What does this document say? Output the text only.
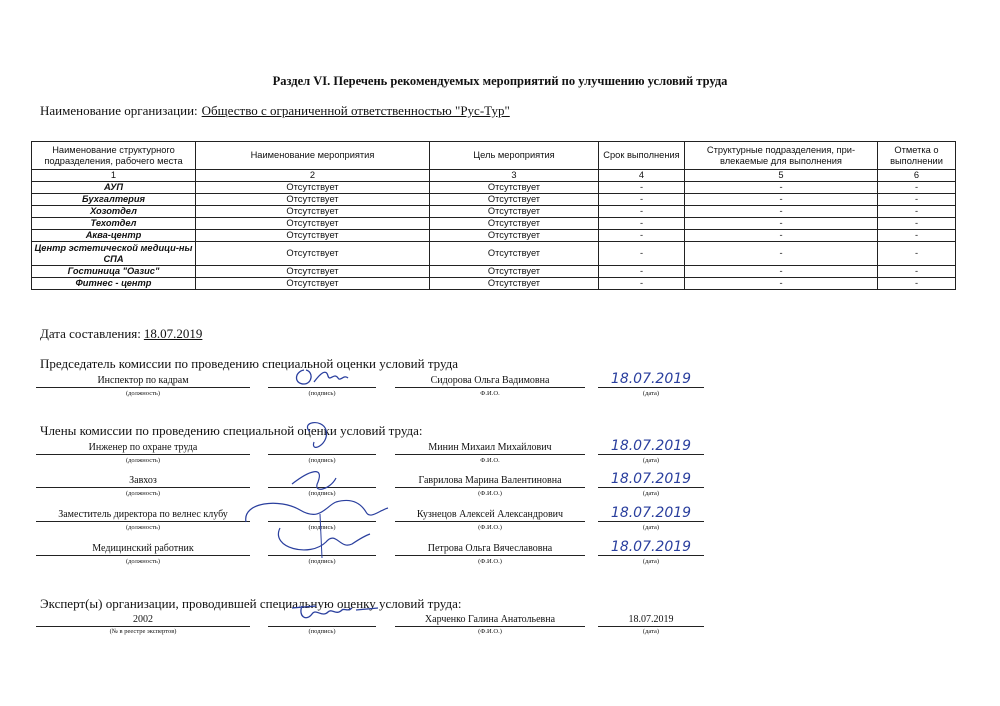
Раздел VI. Перечень рекомендуемых мероприятий по улучшению условий труда
Наименование организации: Общество с ограниченной ответственностью "Рус-Тур"
Наименование структурного подразделения, рабочего места	Наименование мероприятия	Цель мероприятия	Срок выполнения	Структурные подразделения, при-влекаемые для выполнения	Отметка о выполнении
1	2	3	4	5	6
АУП	Отсутствует	Отсутствует	-	-	-
Бухгалтерия	Отсутствует	Отсутствует	-	-	-
Хозотдел	Отсутствует	Отсутствует	-	-	-
Техотдел	Отсутствует	Отсутствует	-	-	-
Аква-центр	Отсутствует	Отсутствует	-	-	-
Центр эстетической медици-ны СПА	Отсутствует	Отсутствует	-	-	-
Гостиница "Оазис"	Отсутствует	Отсутствует	-	-	-
Фитнес - центр	Отсутствует	Отсутствует	-	-	-
Дата составления: 18.07.2019
Председатель комиссии по проведению специальной оценки условий труда
Инспектор по кадрам
(должность)	(подпись)
Сидорова Ольга Вадимовна
Ф.И.О.
18.07.2019
(дата)
Члены комиссии по проведению специальной оценки условий труда:
Инженер по охране труда
(должность)	(подпись)
Минин Михаил Михайлович
Ф.И.О.
18.07.2019
(дата)
Завхоз
(должность)	(подпись)
Гаврилова Марина Валентиновна
(Ф.И.О.)
18.07.2019
(дата)
Заместитель директора по велнес клубу
(должность)	(подпись)
Кузнецов Алексей Александрович
(Ф.И.О.)
18.07.2019
(дата)
Медицинский работник
(должность)	(подпись)
Петрова Ольга Вячеславовна
(Ф.И.О.)
18.07.2019
(дата)
Эксперт(ы) организации, проводившей специальную оценку условий труда:
2002
(№ в реестре экспертов)	(подпись)
Харченко Галина Анатольевна
(Ф.И.О.)
18.07.2019
(дата)
